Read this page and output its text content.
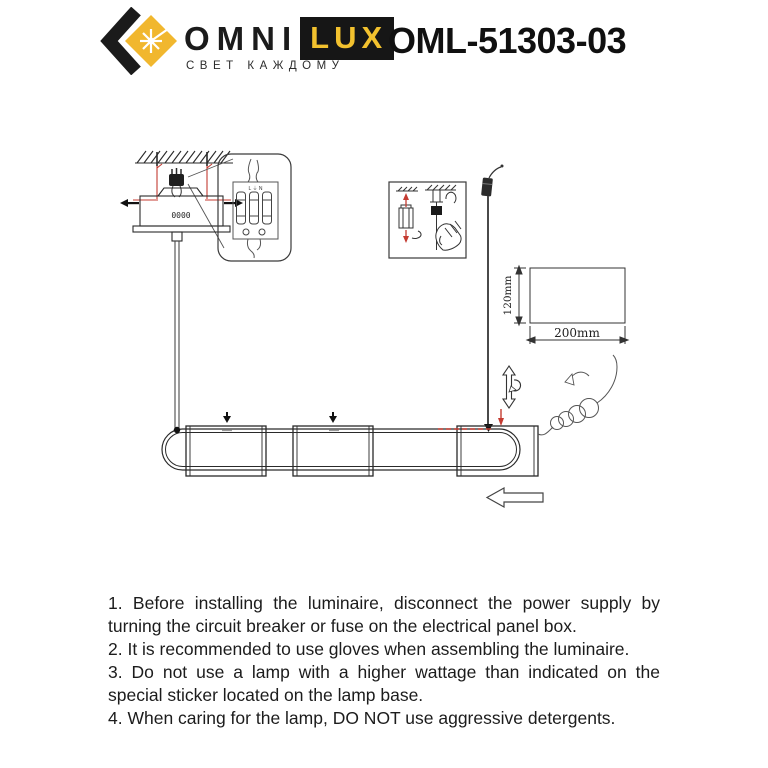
OMNI LUX
СВЕТ КАЖДОМУ
OML-51303-03
0000
L ⏚ N
120mm
200mm

1. Before installing the luminaire, disconnect the power supply by turning the circuit breaker or fuse on the electrical panel box.

2. It is recommended to use gloves when assembling the luminaire.

3. Do not use a lamp with a higher wattage than indicated on the special sticker located on the lamp base.

4. When caring for the lamp, DO NOT use aggressive detergents.
